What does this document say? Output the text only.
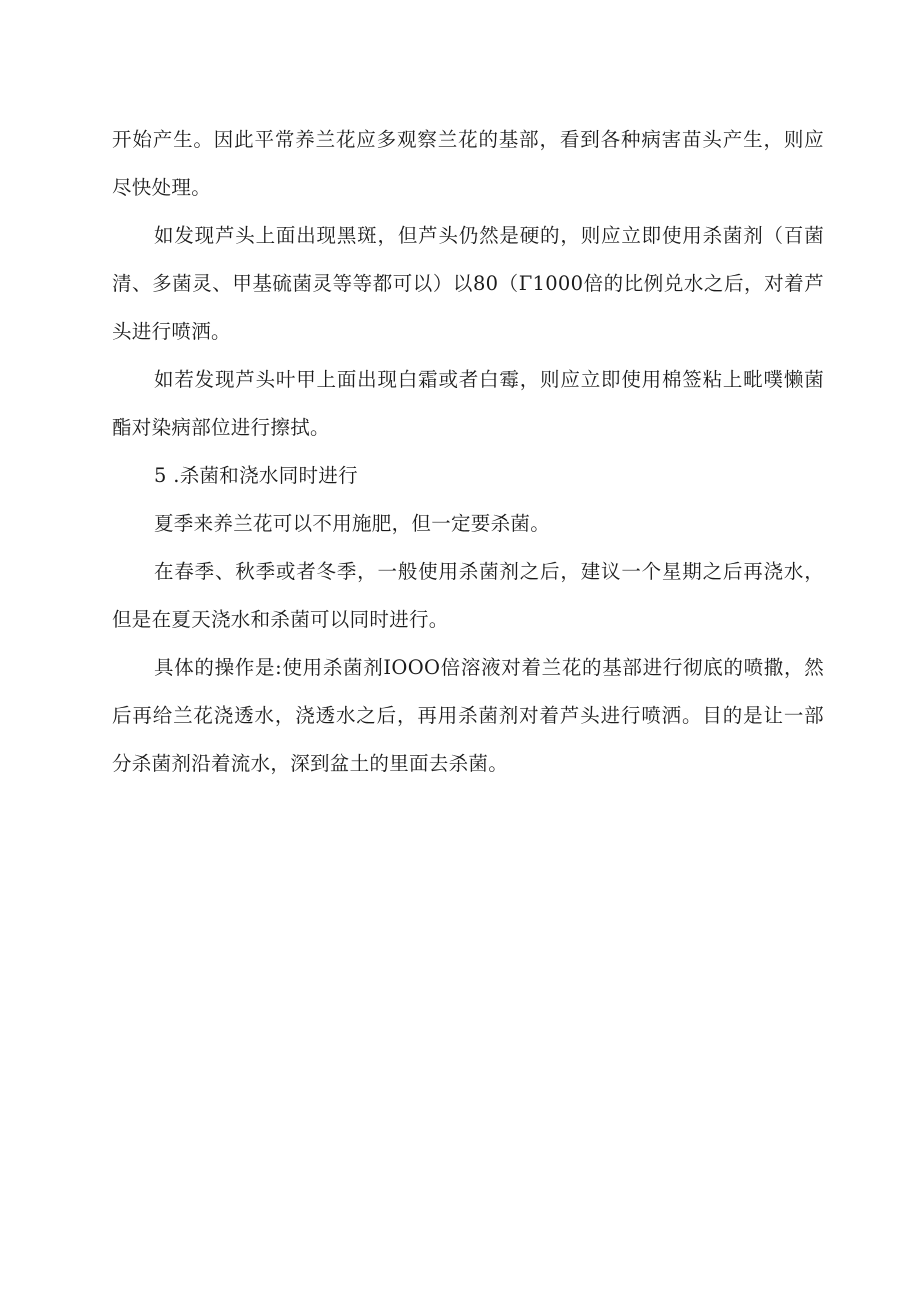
开始产生。因此平常养兰花应多观察兰花的基部，看到各种病害苗头产生，则应尽快处理。

如发现芦头上面出现黑斑，但芦头仍然是硬的，则应立即使用杀菌剂（百菌清、多菌灵、甲基硫菌灵等等都可以）以80（Γ1000倍的比例兑水之后，对着芦头进行喷洒。

如若发现芦头叶甲上面出现白霜或者白霉，则应立即使用棉签粘上毗噗懒菌酯对染病部位进行擦拭。

5 .杀菌和浇水同时进行

夏季来养兰花可以不用施肥，但一定要杀菌。

在春季、秋季或者冬季，一般使用杀菌剂之后，建议一个星期之后再浇水，但是在夏天浇水和杀菌可以同时进行。

具体的操作是:使用杀菌剂IOOO倍溶液对着兰花的基部进行彻底的喷撒，然后再给兰花浇透水，浇透水之后，再用杀菌剂对着芦头进行喷洒。目的是让一部分杀菌剂沿着流水，深到盆土的里面去杀菌。
